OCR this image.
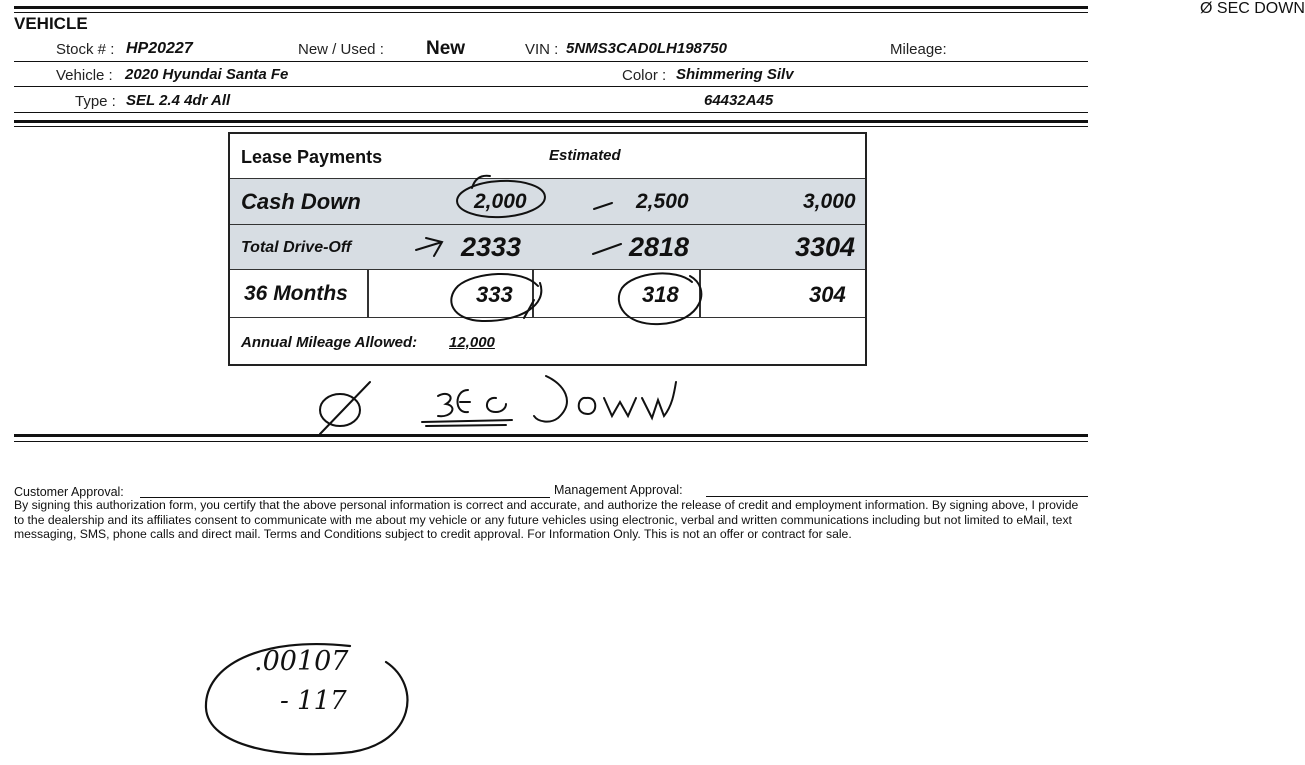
VEHICLE
Stock # : HP20227	New / Used : New	VIN : 5NMS3CAD0LH198750	Mileage:
Vehicle : 2020 Hyundai Santa Fe	Color : Shimmering Silv
Type : SEL 2.4 4dr All	64432A45
Lease Payments	Estimated
Cash Down	2,000	2,500	3,000
Total Drive-Off	2333	2818	3304
36 Months	333	318	304
Annual Mileage Allowed: 12,000
Ø SEC DOWN
Customer Approval:	Management Approval:
By signing this authorization form, you certify that the above personal information is correct and accurate, and authorize the release of credit and employment information. By signing above, I provide to the dealership and its affiliates consent to communicate with me about my vehicle or any future vehicles using electronic, verbal and written communications including but not limited to eMail, text messaging, SMS, phone calls and direct mail. Terms and Conditions subject to credit approval. For Information Only. This is not an offer or contract for sale.
.00107
- 117
